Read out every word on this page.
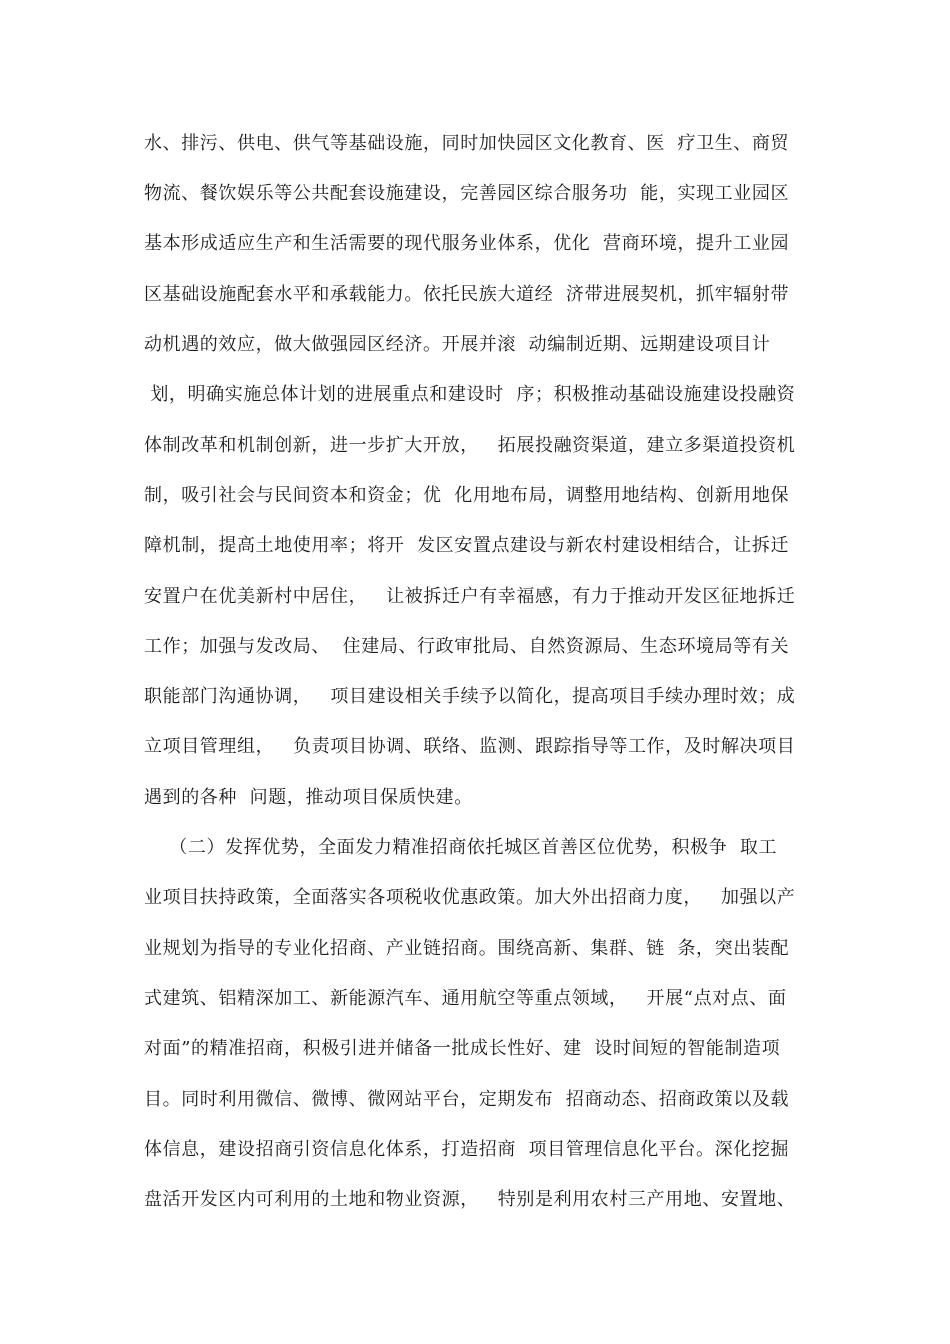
水、排污、供电、供气等基础设施，同时加快园区文化教育、医  疗卫生、商贸
物流、餐饮娱乐等公共配套设施建设，完善园区综合服务功  能，实现工业园区
基本形成适应生产和生活需要的现代服务业体系，优化  营商环境，提升工业园
区基础设施配套水平和承载能力。依托民族大道经  济带进展契机，抓牢辐射带
动机遇的效应，做大做强园区经济。开展并滚  动编制近期、远期建设项目计
划，明确实施总体计划的进展重点和建设时  序；积极推动基础设施建设投融资
体制改革和机制创新，进一步扩大开放，   拓展投融资渠道，建立多渠道投资机
制，吸引社会与民间资本和资金；优  化用地布局，调整用地结构、创新用地保
障机制，提高土地使用率；将开  发区安置点建设与新农村建设相结合，让拆迁
安置户在优美新村中居住，   让被拆迁户有幸福感，有力于推动开发区征地拆迁
工作；加强与发改局、  住建局、行政审批局、自然资源局、生态环境局等有关
职能部门沟通协调，   项目建设相关手续予以简化，提高项目手续办理时效；成
立项目管理组，   负责项目协调、联络、监测、跟踪指导等工作，及时解决项目
遇到的各种  问题，推动项目保质快建。
（二）发挥优势，全面发力精准招商依托城区首善区位优势，积极争  取工
业项目扶持政策，全面落实各项税收优惠政策。加大外出招商力度，   加强以产
业规划为指导的专业化招商、产业链招商。围绕高新、集群、链  条，突出装配
式建筑、铝精深加工、新能源汽车、通用航空等重点领域，   开展“点对点、面
对面”的精准招商，积极引进并储备一批成长性好、建  设时间短的智能制造项
目。同时利用微信、微博、微网站平台，定期发布  招商动态、招商政策以及载
体信息，建设招商引资信息化体系，打造招商  项目管理信息化平台。深化挖掘
盘活开发区内可利用的土地和物业资源，   特别是利用农村三产用地、安置地、
